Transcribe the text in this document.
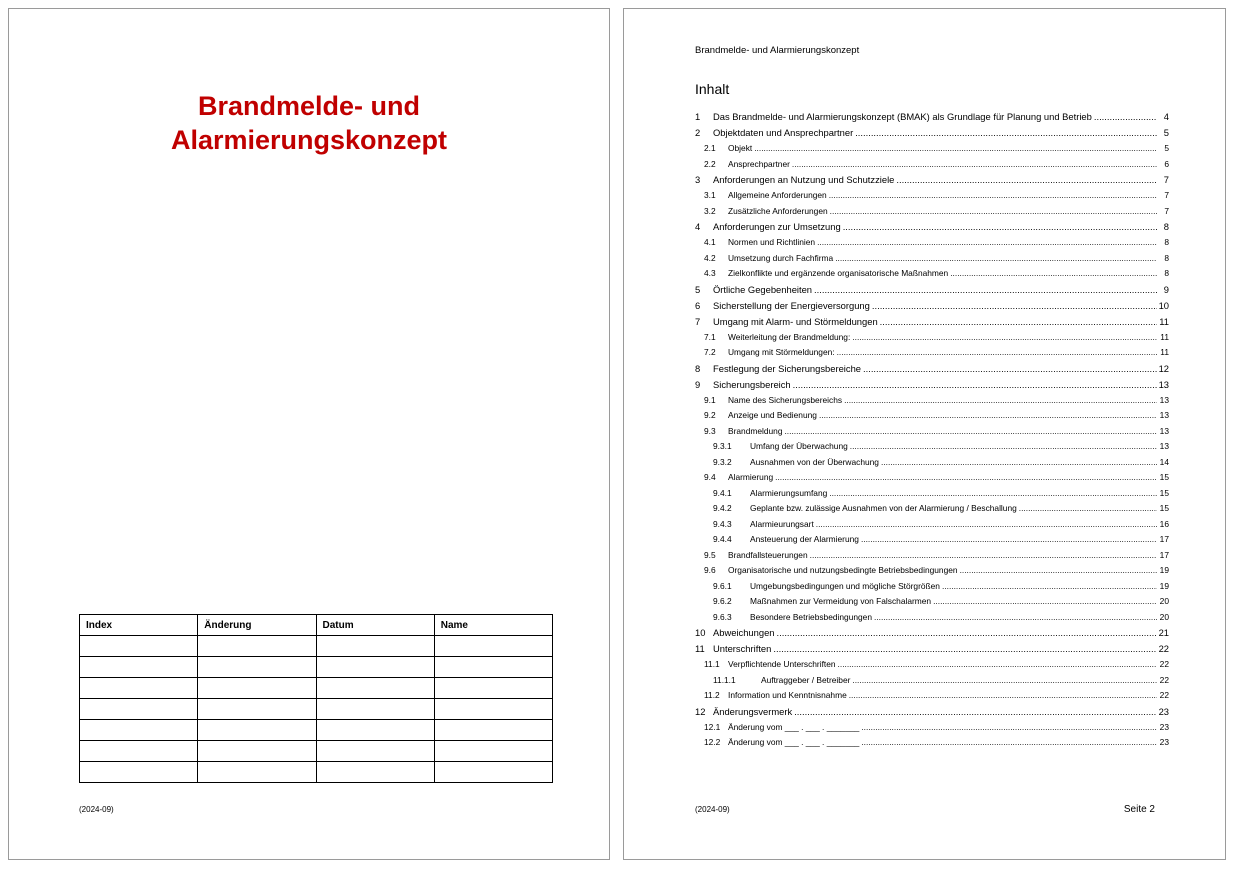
Brandmelde- und
Alarmierungskonzept
Index	Änderung	Datum	Name

(2024-09)
Brandmelde- und Alarmierungskonzept
Inhalt
1	Das Brandmelde- und Alarmierungskonzept (BMAK) als Grundlage für Planung und Betrieb .....	4
2	Objektdaten und Ansprechpartner .....	5
2.1	Objekt .....	5
2.2	Ansprechpartner .....	6
3	Anforderungen an Nutzung und Schutzziele .....	7
3.1	Allgemeine Anforderungen .....	7
3.2	Zusätzliche Anforderungen .....	7
4	Anforderungen zur Umsetzung .....	8
4.1	Normen und Richtlinien .....	8
4.2	Umsetzung durch Fachfirma .....	8
4.3	Zielkonflikte und ergänzende organisatorische Maßnahmen .....	8
5	Örtliche Gegebenheiten .....	9
6	Sicherstellung der Energieversorgung .....	10
7	Umgang mit Alarm- und Störmeldungen .....	11
7.1	Weiterleitung der Brandmeldung: .....	11
7.2	Umgang mit Störmeldungen: .....	11
8	Festlegung der Sicherungsbereiche .....	12
9	Sicherungsbereich .....	13
9.1	Name des Sicherungsbereichs .....	13
9.2	Anzeige und Bedienung .....	13
9.3	Brandmeldung .....	13
9.3.1	Umfang der Überwachung .....	13
9.3.2	Ausnahmen von der Überwachung .....	14
9.4	Alarmierung .....	15
9.4.1	Alarmierungsumfang .....	15
9.4.2	Geplante bzw. zulässige Ausnahmen von der Alarmierung / Beschallung .....	15
9.4.3	Alarmieurungsart .....	16
9.4.4	Ansteuerung der Alarmierung .....	17
9.5	Brandfallsteuerungen .....	17
9.6	Organisatorische und nutzungsbedingte Betriebsbedingungen .....	19
9.6.1	Umgebungsbedingungen und mögliche Störgrößen .....	19
9.6.2	Maßnahmen zur Vermeidung von Falschalarmen .....	20
9.6.3	Besondere Betriebsbedingungen .....	20
10 Abweichungen .....	21
11 Unterschriften .....	22
11.1 Verpflichtende Unterschriften .....	22
11.1.1	Auftraggeber / Betreiber .....	22
11.2 Information und Kenntnisnahme .....	22
12 Änderungsvermerk .....	23
12.1 Änderung vom ___ . ___ . _______ .....	23
12.2 Änderung vom ___ . ___ . _______ .....	23
(2024-09)	Seite 2
